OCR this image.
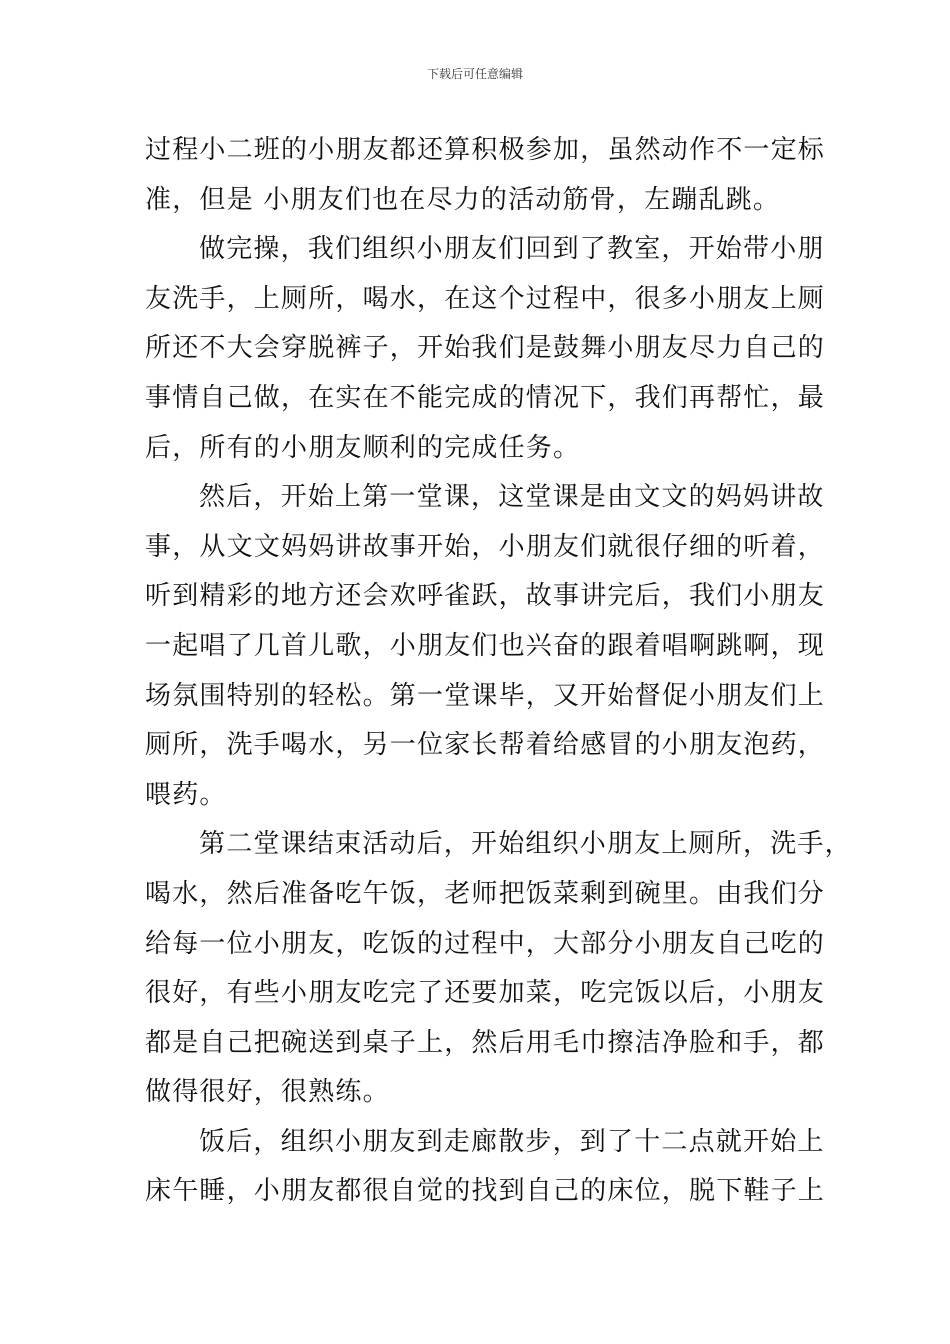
下载后可任意编辑
过程小二班的小朋友都还算积极参加，虽然动作不一定标
准，但是 小朋友们也在尽力的活动筋骨，左蹦乱跳。
做完操，我们组织小朋友们回到了教室，开始带小朋
友洗手，上厕所，喝水，在这个过程中，很多小朋友上厕
所还不大会穿脱裤子，开始我们是鼓舞小朋友尽力自己的
事情自己做，在实在不能完成的情况下，我们再帮忙，最
后，所有的小朋友顺利的完成任务。
然后，开始上第一堂课，这堂课是由文文的妈妈讲故
事，从文文妈妈讲故事开始，小朋友们就很仔细的听着，
听到精彩的地方还会欢呼雀跃，故事讲完后，我们小朋友
一起唱了几首儿歌，小朋友们也兴奋的跟着唱啊跳啊，现
场氛围特别的轻松。第一堂课毕，又开始督促小朋友们上
厕所，洗手喝水，另一位家长帮着给感冒的小朋友泡药，
喂药。
第二堂课结束活动后，开始组织小朋友上厕所，洗手，
喝水，然后准备吃午饭，老师把饭菜剩到碗里。由我们分
给每一位小朋友，吃饭的过程中，大部分小朋友自己吃的
很好，有些小朋友吃完了还要加菜，吃完饭以后，小朋友
都是自己把碗送到桌子上，然后用毛巾擦洁净脸和手，都
做得很好，很熟练。
饭后，组织小朋友到走廊散步，到了十二点就开始上
床午睡，小朋友都很自觉的找到自己的床位，脱下鞋子上
